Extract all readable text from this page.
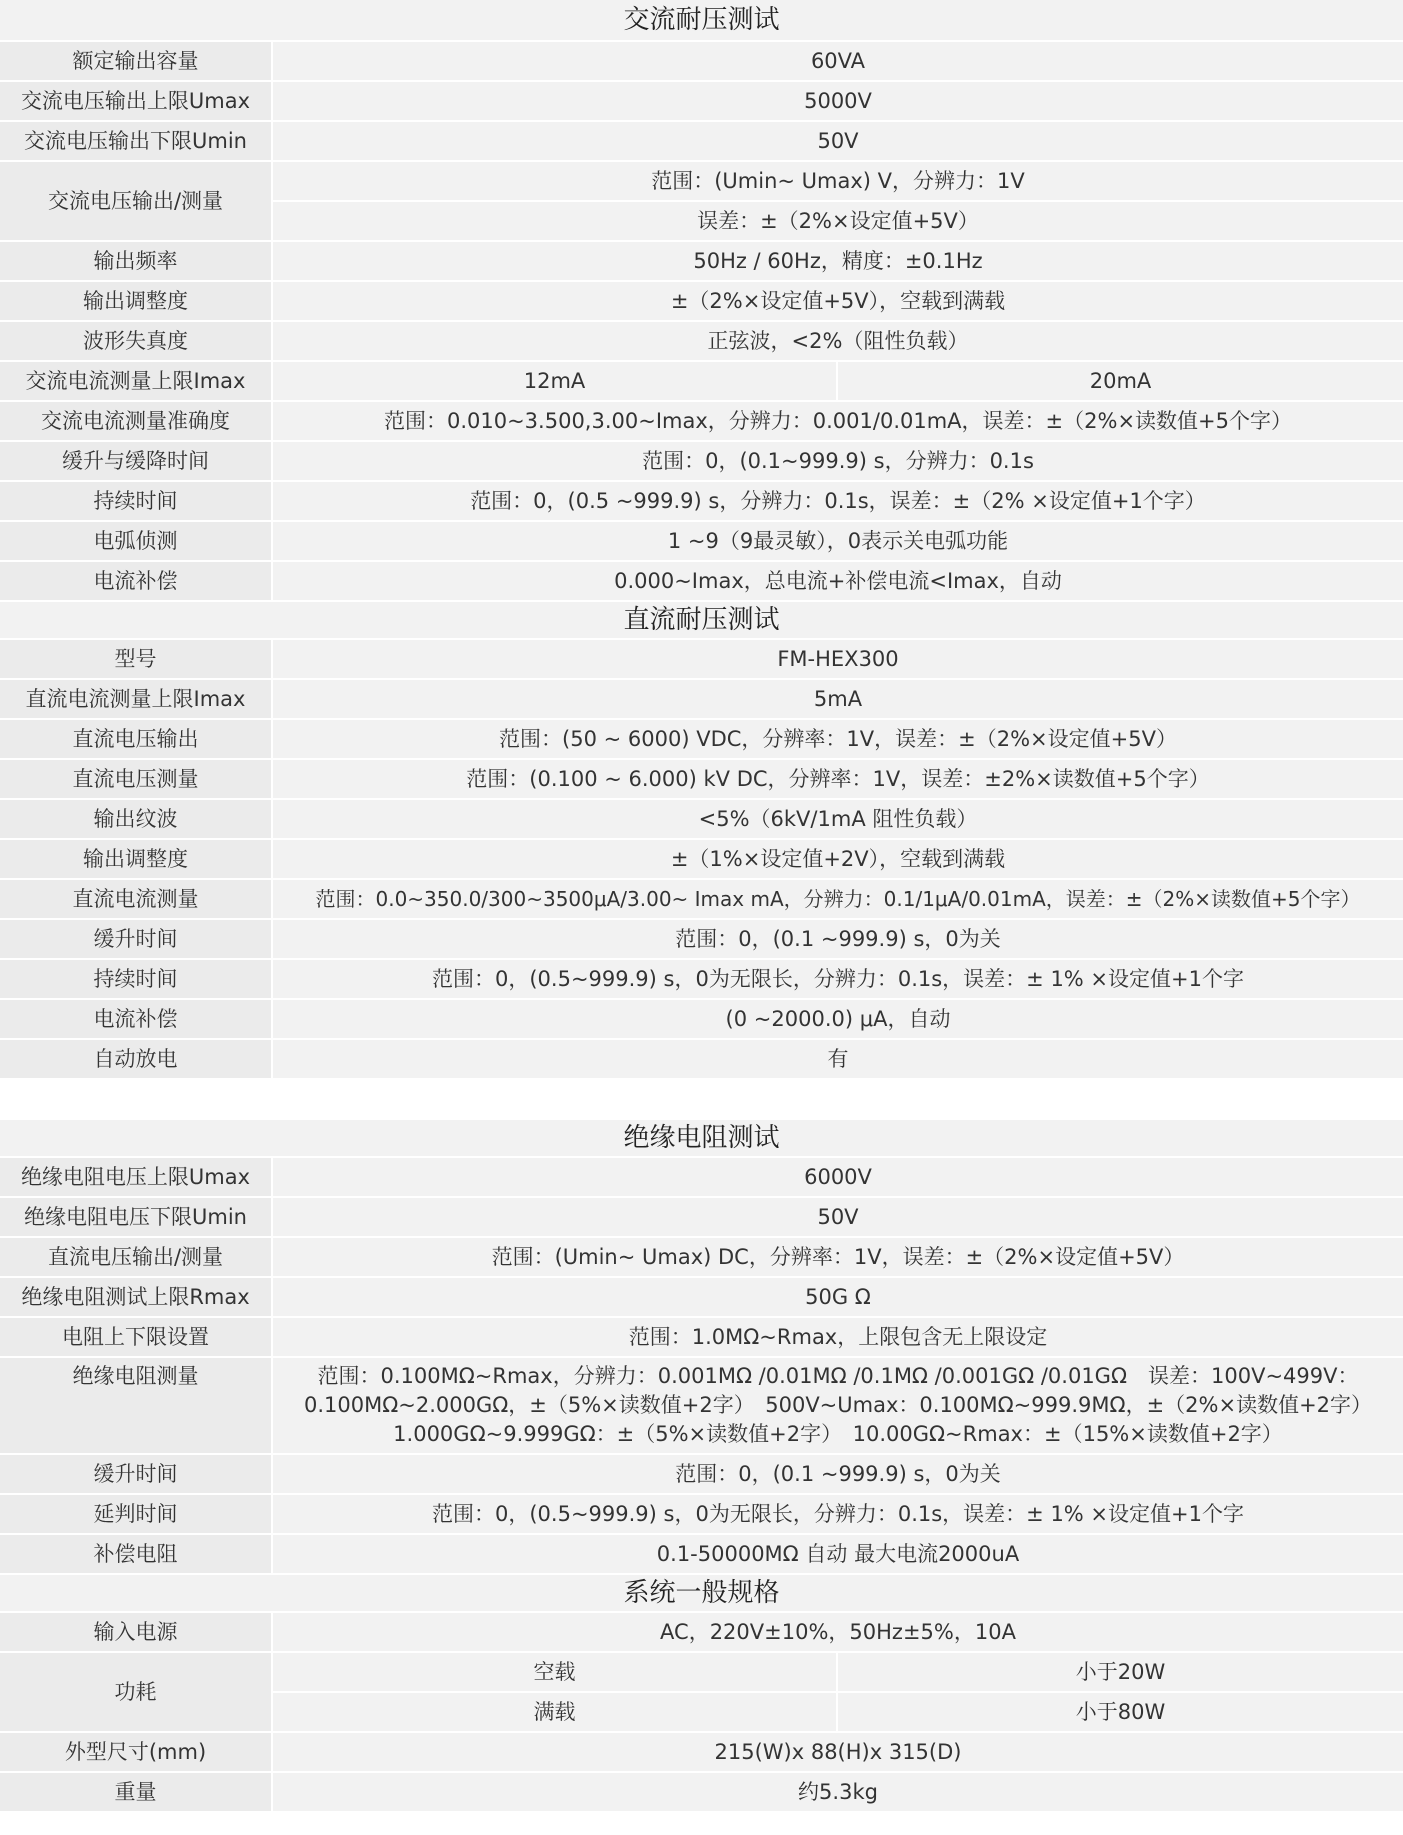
交流耐压测试		
额定输出容量	60VA	
交流电压输出上限Umax	5000V	
交流电压输出下限Umin	50V	
交流电压输出/测量	范围：(Umin~ Umax) V，分辨力：1V	
	误差：±（2%×设定值+5V）	
输出频率	50Hz / 60Hz，精度：±0.1Hz	
输出调整度	±（2%×设定值+5V），空载到满载	
波形失真度	正弦波，<2%（阻性负载）	
交流电流测量上限Imax	12mA	20mA
交流电流测量准确度	范围：0.010~3.500,3.00~Imax，分辨力：0.001/0.01mA，误差：±（2%×读数值+5个字）	
缓升与缓降时间	范围：0，(0.1~999.9) s，分辨力：0.1s	
持续时间	范围：0，(0.5 ~999.9) s，分辨力：0.1s，误差：±（2% ×设定值+1个字）	
电弧侦测	1 ~9（9最灵敏），0表示关电弧功能	
电流补偿	0.000~Imax，总电流+补偿电流<Imax，自动	
直流耐压测试		
型号	FM-HEX300	
直流电流测量上限Imax	5mA	
直流电压输出	范围：(50 ~ 6000) VDC，分辨率：1V，误差：±（2%×设定值+5V）	
直流电压测量	范围：(0.100 ~ 6.000) kV DC，分辨率：1V，误差：±2%×读数值+5个字）	
输出纹波	<5%（6kV/1mA 阻性负载）	
输出调整度	±（1%×设定值+2V），空载到满载	
直流电流测量	范围：0.0~350.0/300~3500μA/3.00~ Imax mA，分辨力：0.1/1μA/0.01mA，误差：±（2%×读数值+5个字）	
缓升时间	范围：0，(0.1 ~999.9) s，0为关	
持续时间	范围：0，(0.5~999.9) s，0为无限长，分辨力：0.1s，误差：± 1% ×设定值+1个字	
电流补偿	(0 ~2000.0) μA，自动	
自动放电	有	

绝缘电阻测试		
绝缘电阻电压上限Umax	6000V	
绝缘电阻电压下限Umin	50V	
直流电压输出/测量	范围：(Umin~ Umax) DC，分辨率：1V，误差：±（2%×设定值+5V）	
绝缘电阻测试上限Rmax	50G Ω	
电阻上下限设置	范围：1.0MΩ~Rmax，上限包含无上限设定	
绝缘电阻测量	范围：0.100MΩ~Rmax，分辨力：0.001MΩ /0.01MΩ /0.1MΩ /0.001GΩ /0.01GΩ　误差：100V~499V：
0.100MΩ~2.000GΩ，±（5%×读数值+2字）　500V~Umax：0.100MΩ~999.9MΩ，±（2%×读数值+2字）
1.000GΩ~9.999GΩ：±（5%×读数值+2字）　10.00GΩ~Rmax：±（15%×读数值+2字）	

缓升时间	范围：0，(0.1 ~999.9) s，0为关	
延判时间	范围：0，(0.5~999.9) s，0为无限长，分辨力：0.1s，误差：± 1% ×设定值+1个字	
补偿电阻	0.1-50000MΩ 自动 最大电流2000uA	
系统一般规格		
输入电源	AC，220V±10%，50Hz±5%，10A	
功耗	空载	小于20W
	满载	小于80W
外型尺寸(mm)	215(W)x 88(H)x 315(D)	
重量	约5.3kg	
